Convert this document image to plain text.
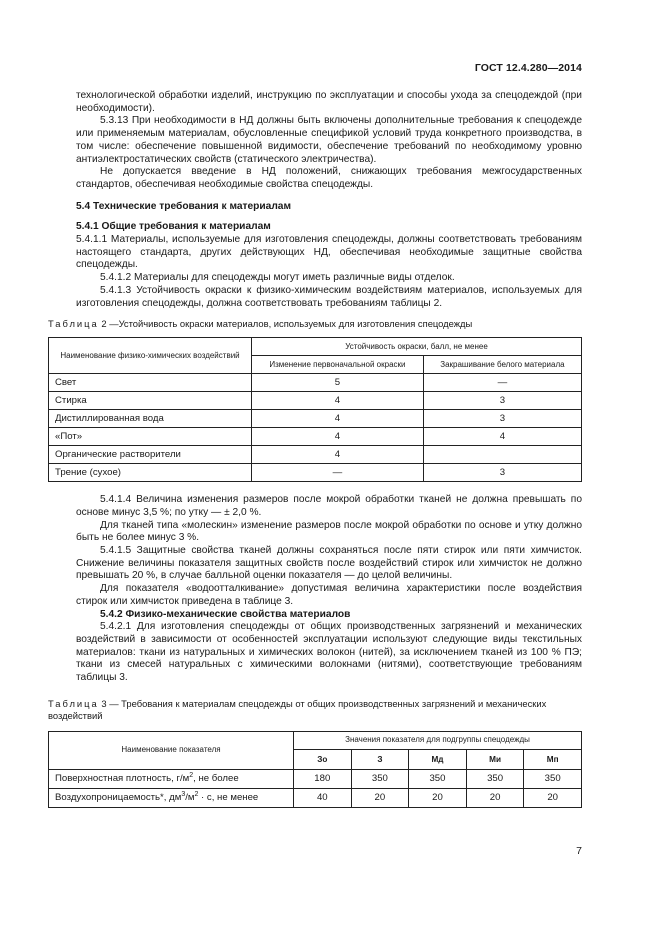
ГОСТ 12.4.280—2014

технологической обработки изделий, инструкцию по эксплуатации и способы ухода за спецодеждой (при необходимости).

5.3.13 При необходимости в НД должны быть включены дополнительные требования к спецодежде или применяемым материалам, обусловленные спецификой условий труда конкретного производства, в том числе: обеспечение повышенной видимости, обеспечение требований по необходимому уровню антиэлектростатических свойств (статического электричества).

Не допускается введение в НД положений, снижающих требования межгосударственных стандартов, обеспечивая необходимые свойства спецодежды.

5.4 Технические требования к материалам

5.4.1 Общие требования к материалам

5.4.1.1 Материалы, используемые для изготовления спецодежды, должны соответствовать требованиям настоящего стандарта, других действующих НД, обеспечивая необходимые защитные свойства спецодежды.

5.4.1.2 Материалы для спецодежды могут иметь различные виды отделок.

5.4.1.3 Устойчивость окраски к физико-химическим воздействиям материалов, используемых для изготовления спецодежды, должна соответствовать требованиям таблицы 2.

Таблица 2 —Устойчивость окраски материалов, используемых для изготовления спецодежды

Наименование физико-химических воздействий	Устойчивость окраски, балл, не менее	
	Изменение первоначальной окраски	Закрашивание белого материала
Свет	5	—
Стирка	4	3
Дистиллированная вода	4	3
«Пот»	4	4
Органические растворители	4	
Трение (сухое)	—	3

5.4.1.4 Величина изменения размеров после мокрой обработки тканей не должна превышать по основе минус 3,5 %; по утку — ± 2,0 %.

Для тканей типа «молескин» изменение размеров после мокрой обработки по основе и утку должно быть не более минус 3 %.

5.4.1.5 Защитные свойства тканей должны сохраняться после пяти стирок или пяти химчисток. Снижение величины показателя защитных свойств после воздействий стирок или химчисток не должно превышать 20 %, в случае балльной оценки показателя — до целой величины.

Для показателя «водоотталкивание» допустимая величина характеристики после воздействия стирок или химчисток приведена в таблице 3.

5.4.2 Физико-механические свойства материалов

5.4.2.1 Для изготовления спецодежды от общих производственных загрязнений и механических воздействий в зависимости от особенностей эксплуатации используют следующие виды текстильных материалов: ткани из натуральных и химических волокон (нитей), за исключением тканей из 100 % ПЭ; ткани из смесей натуральных с химическими волокнами (нитями), соответствующие требованиям таблицы 3.

Таблица 3 — Требования к материалам спецодежды от общих производственных загрязнений и механических воздействий

Наименование показателя	Значения показателя для подгруппы спецодежды				
	Зо	З	Мд	Ми	Мп
Поверхностная плотность, $г/м^2$, не более	180	350	350	350	350
Воздухопроницаемость*, $дм^3/м^2 \cdot с$, не менее	40	20	20	20	20
7
